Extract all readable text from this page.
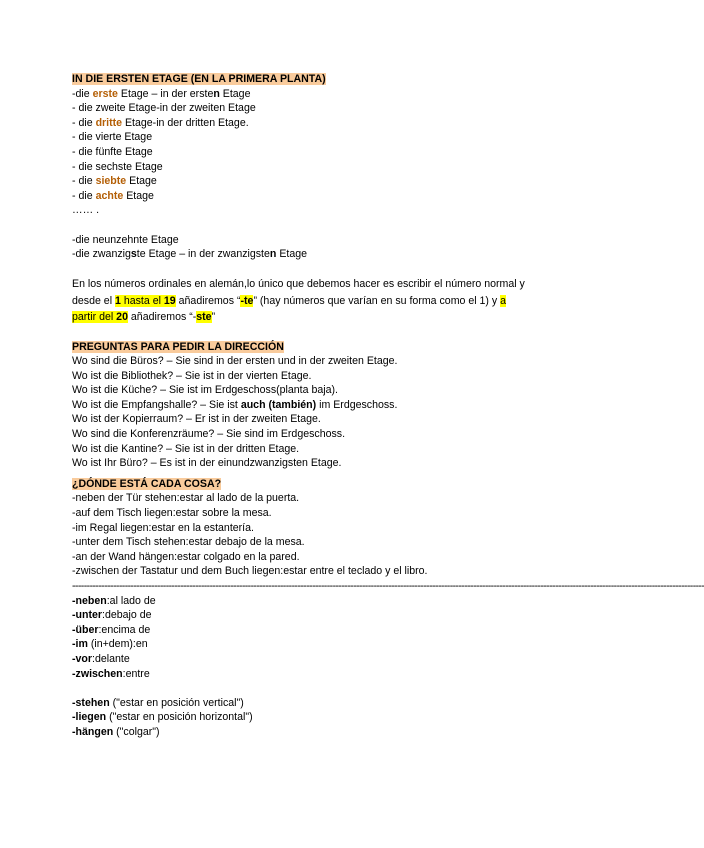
IN DIE ERSTEN ETAGE (EN LA PRIMERA PLANTA)
-die erste Etage – in der ersten Etage
- die zweite Etage-in der zweiten Etage
- die dritte Etage-in der dritten Etage.
- die vierte Etage
- die fünfte Etage
- die sechste Etage
- die siebte Etage
- die achte Etage
…… .
-die neunzehnte Etage
-die zwanzigste Etage – in der zwanzigsten Etage
En los números ordinales en alemán,lo único que debemos hacer es escribir el número normal y desde el 1 hasta el 19 añadiremos “-te” (hay números que varían en su forma como el 1) y a partir del 20 añadiremos “-ste”
PREGUNTAS PARA PEDIR LA DIRECCIÓN
Wo sind die Büros? – Sie sind in der ersten und in der zweiten Etage.
Wo ist die Bibliothek? – Sie ist in der vierten Etage.
Wo ist die Küche? – Sie ist im Erdgeschoss(planta baja).
Wo ist die Empfangshalle? – Sie ist auch (también) im Erdgeschoss.
Wo ist der Kopierraum? – Er ist in der zweiten Etage.
Wo sind die Konferenzräume? – Sie sind im Erdgeschoss.
Wo ist die Kantine? – Sie ist in der dritten Etage.
Wo ist Ihr Büro? – Es ist in der einundzwanzigsten Etage.
¿DÓNDE ESTÁ CADA COSA?
-neben der Tür stehen:estar al lado de la puerta.
-auf dem Tisch liegen:estar sobre la mesa.
-im Regal liegen:estar en la estantería.
-unter dem Tisch stehen:estar debajo de la mesa.
-an der Wand hängen:estar colgado en la pared.
-zwischen der Tastatur und dem Buch liegen:estar entre el teclado y el libro.
------------------------------------------------------------------------------------------------------------------------------------------------------------------------------------------------------------------------
-neben:al lado de
-unter:debajo de
-über:encima de
-im (in+dem):en
-vor:delante
-zwischen:entre
-stehen ("estar en posición vertical")
-liegen ("estar en posición horizontal")
-hängen ("colgar")
